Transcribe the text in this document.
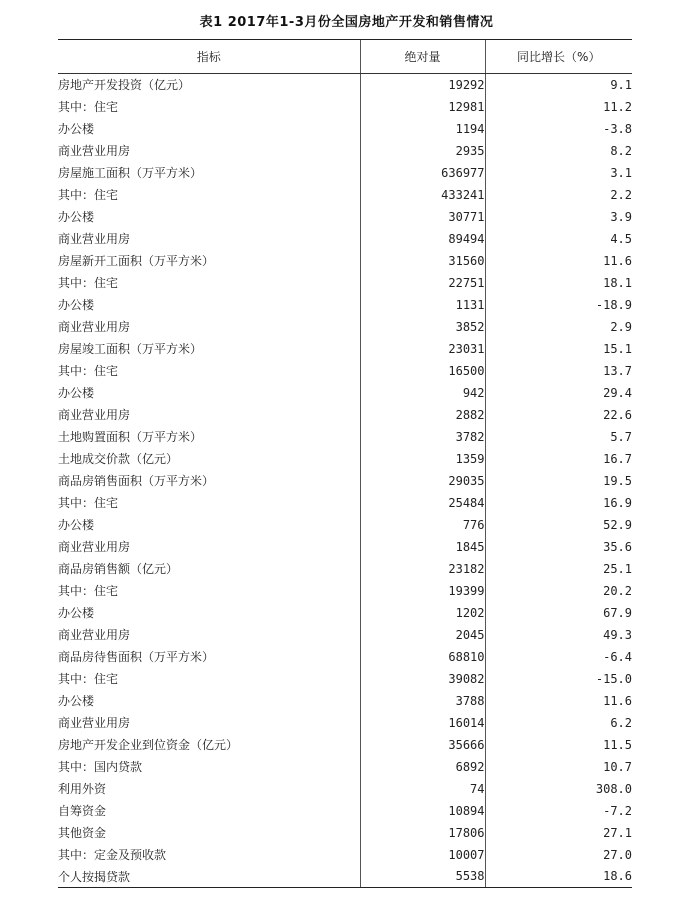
表1 2017年1-3月份全国房地产开发和销售情况
指标	绝对量	同比增长（%）
房地产开发投资（亿元）	19292	9.1
其中：住宅	12981	11.2
办公楼	1194	-3.8
商业营业用房	2935	8.2
房屋施工面积（万平方米）	636977	3.1
其中：住宅	433241	2.2
办公楼	30771	3.9
商业营业用房	89494	4.5
房屋新开工面积（万平方米）	31560	11.6
其中：住宅	22751	18.1
办公楼	1131	-18.9
商业营业用房	3852	2.9
房屋竣工面积（万平方米）	23031	15.1
其中：住宅	16500	13.7
办公楼	942	29.4
商业营业用房	2882	22.6
土地购置面积（万平方米）	3782	5.7
土地成交价款（亿元）	1359	16.7
商品房销售面积（万平方米）	29035	19.5
其中：住宅	25484	16.9
办公楼	776	52.9
商业营业用房	1845	35.6
商品房销售额（亿元）	23182	25.1
其中：住宅	19399	20.2
办公楼	1202	67.9
商业营业用房	2045	49.3
商品房待售面积（万平方米）	68810	-6.4
其中：住宅	39082	-15.0
办公楼	3788	11.6
商业营业用房	16014	6.2
房地产开发企业到位资金（亿元）	35666	11.5
其中：国内贷款	6892	10.7
利用外资	74	308.0
自筹资金	10894	-7.2
其他资金	17806	27.1
其中：定金及预收款	10007	27.0
个人按揭贷款	5538	18.6
